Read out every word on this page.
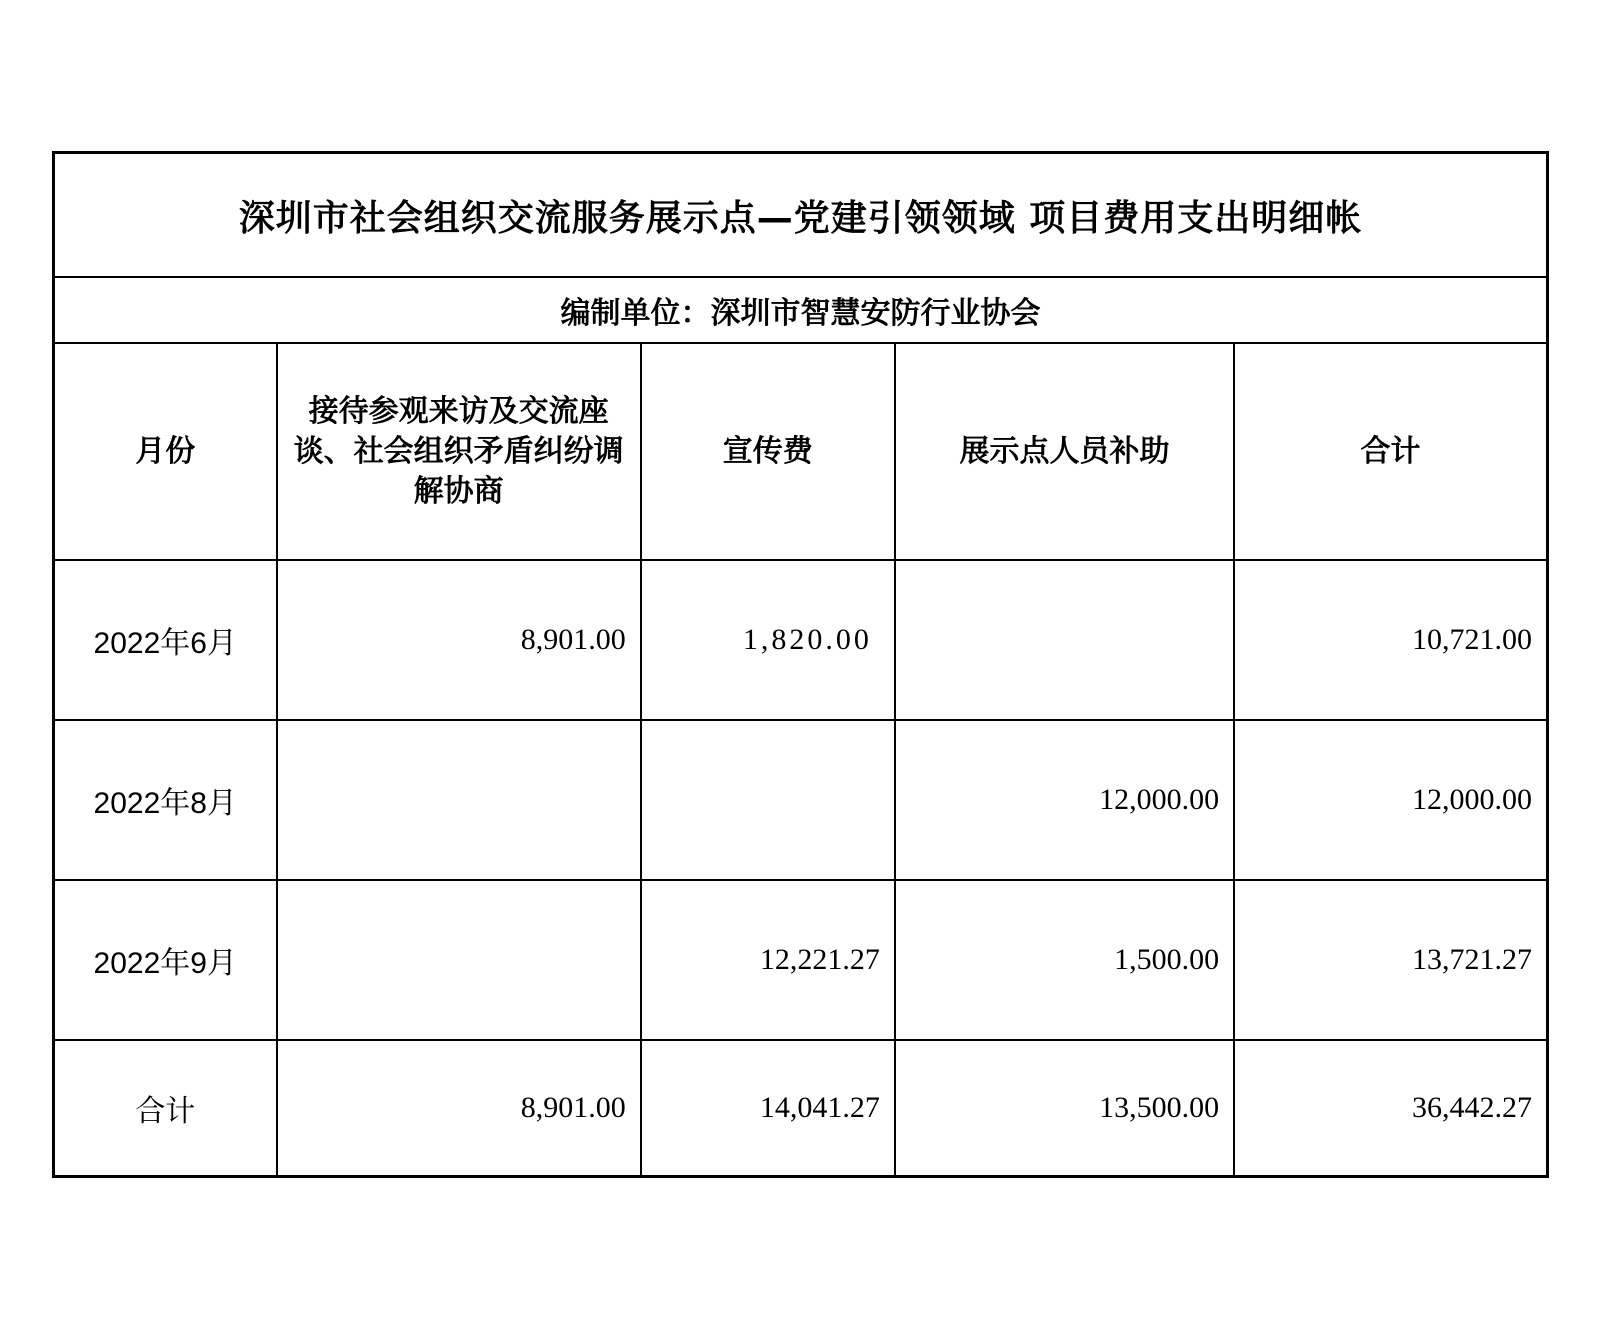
深圳市社会组织交流服务展示点—党建引领领域 项目费用支出明细帐				
编制单位：深圳市智慧安防行业协会				
月份	接待参观来访及交流座谈、社会组织矛盾纠纷调解协商	宣传费	展示点人员补助	合计
2022年6月	8,901.00	1,820.00		10,721.00
2022年8月			12,000.00	12,000.00
2022年9月		12,221.27	1,500.00	13,721.27
合计	8,901.00	14,041.27	13,500.00	36,442.27
